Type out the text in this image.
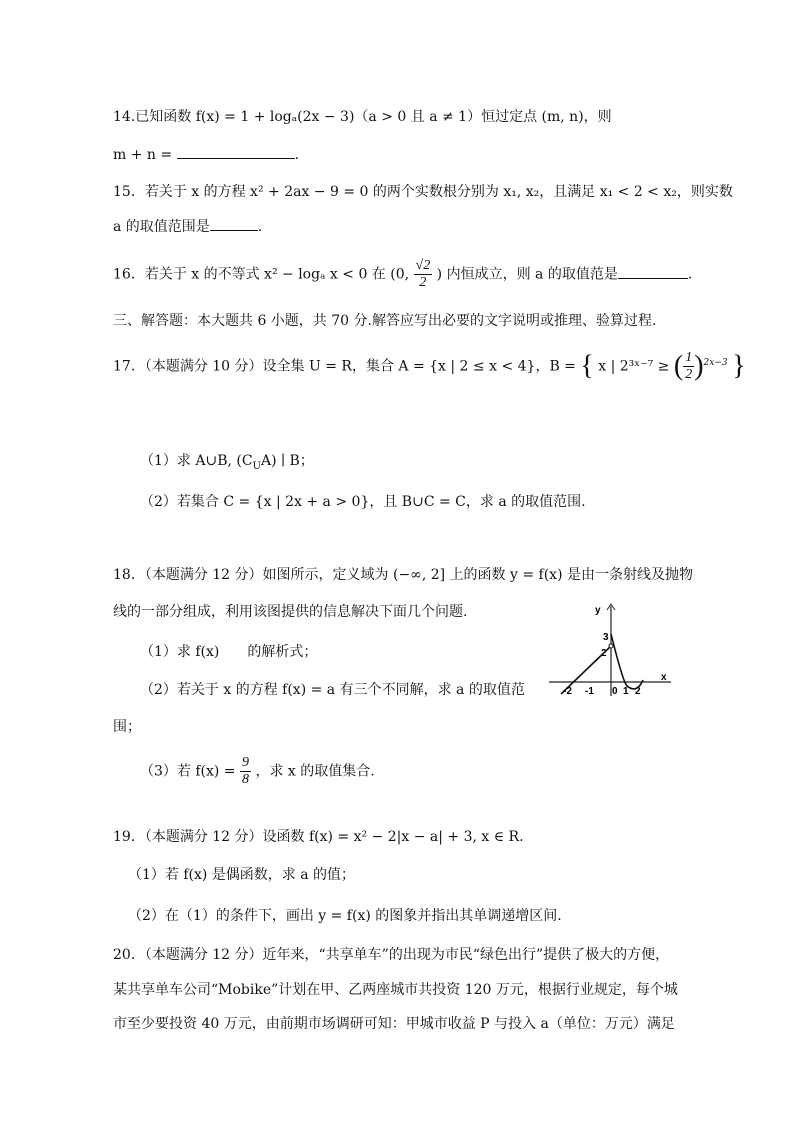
14.已知函数 f(x) = 1 + logₐ(2x − 3)（a > 0 且 a ≠ 1）恒过定点 (m, n)，则
m + n =	.
15．若关于 x 的方程 x² + 2ax − 9 = 0 的两个实数根分别为 x₁, x₂，且满足 x₁ < 2 < x₂，则实数
a 的取值范围是	.
16．若关于 x 的不等式 x² − logₐ x < 0 在 (0, $\frac{√2}{2}$ ) 内恒成立，则 a 的取值范是	.
三、解答题：本大题共 6 小题，共 70 分.解答应写出必要的文字说明或推理、验算过程.
17．（本题满分 10 分）设全集 U = R，集合 A = {x | 2 ≤ x < 4}，B = { x | 2³ˣ⁻⁷ ≥ ( $\frac{1}{2} )^{2x-3}$ }
（1）求 A∪B, $(C_UA)$ ∣ B；
（2）若集合 C = {x | 2x + a > 0}，且 B∪C = C，求 a 的取值范围.
18．（本题满分 12 分）如图所示，定义域为 (−∞, 2] 上的函数 y = f(x) 是由一条射线及抛物
线的一部分组成，利用该图提供的信息解决下面几个问题.
（1）求 f(x)　　的解析式；
（2）若关于 x 的方程 f(x) = a 有三个不同解，求 a 的取值范
围；
（3）若 $f(x) = \frac{9}{8}$ ，求 x 的取值集合.
y
x
3
2
-2 -1 0 1 2
19．（本题满分 12 分）设函数 f(x) = x² − 2|x − a| + 3, x ∈ R.
（1）若 f(x) 是偶函数，求 a 的值；
（2）在（1）的条件下，画出 y = f(x) 的图象并指出其单调递增区间.
20．（本题满分 12 分）近年来，“共享单车”的出现为市民“绿色出行”提供了极大的方便，
某共享单车公司“Mobike”计划在甲、乙两座城市共投资 120 万元，根据行业规定，每个城
市至少要投资 40 万元，由前期市场调研可知：甲城市收益 P 与投入 a（单位：万元）满足
